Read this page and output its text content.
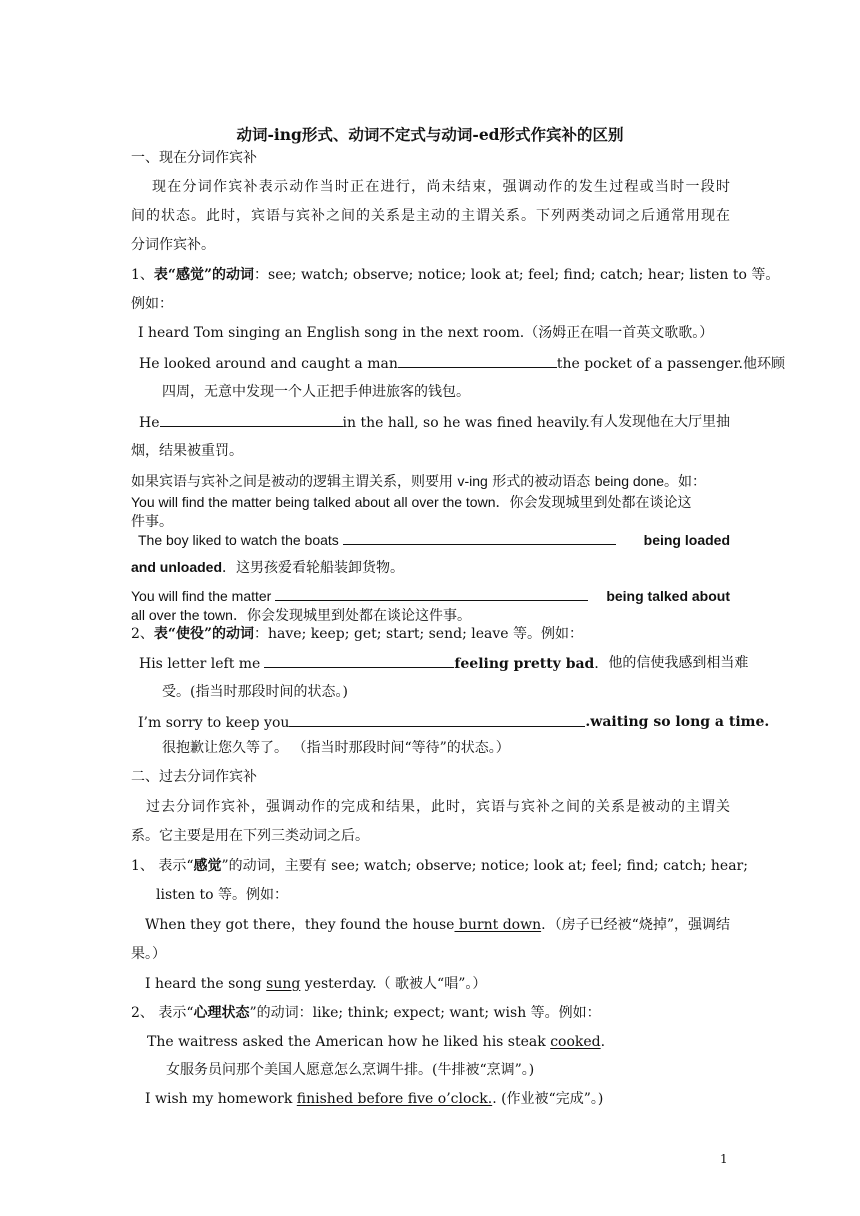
动词-ing形式、动词不定式与动词-ed形式作宾补的区别
一、现在分词作宾补
现在分词作宾补表示动作当时正在进行，尚未结束，强调动作的发生过程或当时一段时
间的状态。此时，宾语与宾补之间的关系是主动的主谓关系。下列两类动词之后通常用现在
分词作宾补。
1、表“感觉”的动词：see; watch; observe; notice; look at; feel; find; catch; hear; listen to 等。
例如：
I heard Tom singing an English song in the next room.（汤姆正在唱一首英文歌歌。）
He looked around and caught a man	the pocket of a passenger.他环顾
四周，无意中发现一个人正把手伸进旅客的钱包。
He	in the hall, so he was fined heavily. 有人发现他在大厅里抽
烟，结果被重罚。
如果宾语与宾补之间是被动的逻辑主谓关系，则要用 v-ing 形式的被动语态 being done。如：
You will find the matter being talked about all over the town．你会发现城里到处都在谈论这
件事。
The boy liked to watch the boats	being loaded
and unloaded．这男孩爱看轮船装卸货物。
You will find the matter	being talked about
all over the town．你会发现城里到处都在谈论这件事。
2、表“使役”的动词：have; keep; get; start; send; leave 等。例如：
His letter left me	feeling pretty bad． 他的信使我感到相当难
受。(指当时那段时间的状态。)
I’m sorry to keep you	.waiting so long a time.
很抱歉让您久等了。 （指当时那段时间“等待”的状态。）
二、过去分词作宾补
过去分词作宾补，强调动作的完成和结果，此时，宾语与宾补之间的关系是被动的主谓关
系。它主要是用在下列三类动词之后。
1、 表示“感觉”的动词，主要有 see; watch; observe; notice; look at; feel; find; catch; hear;
listen to 等。例如：
When they got there，they found the house burnt down. （房子已经被“烧掉”，强调结
果。）
I heard the song sung yesterday.（ 歌被人“唱”。）
2、 表示“心理状态”的动词：like; think; expect; want; wish 等。例如：
The waitress asked the American how he liked his steak cooked.
女服务员问那个美国人愿意怎么烹调牛排。(牛排被“烹调”。)
I wish my homework finished before five o’clock.. (作业被“完成”。)
1
